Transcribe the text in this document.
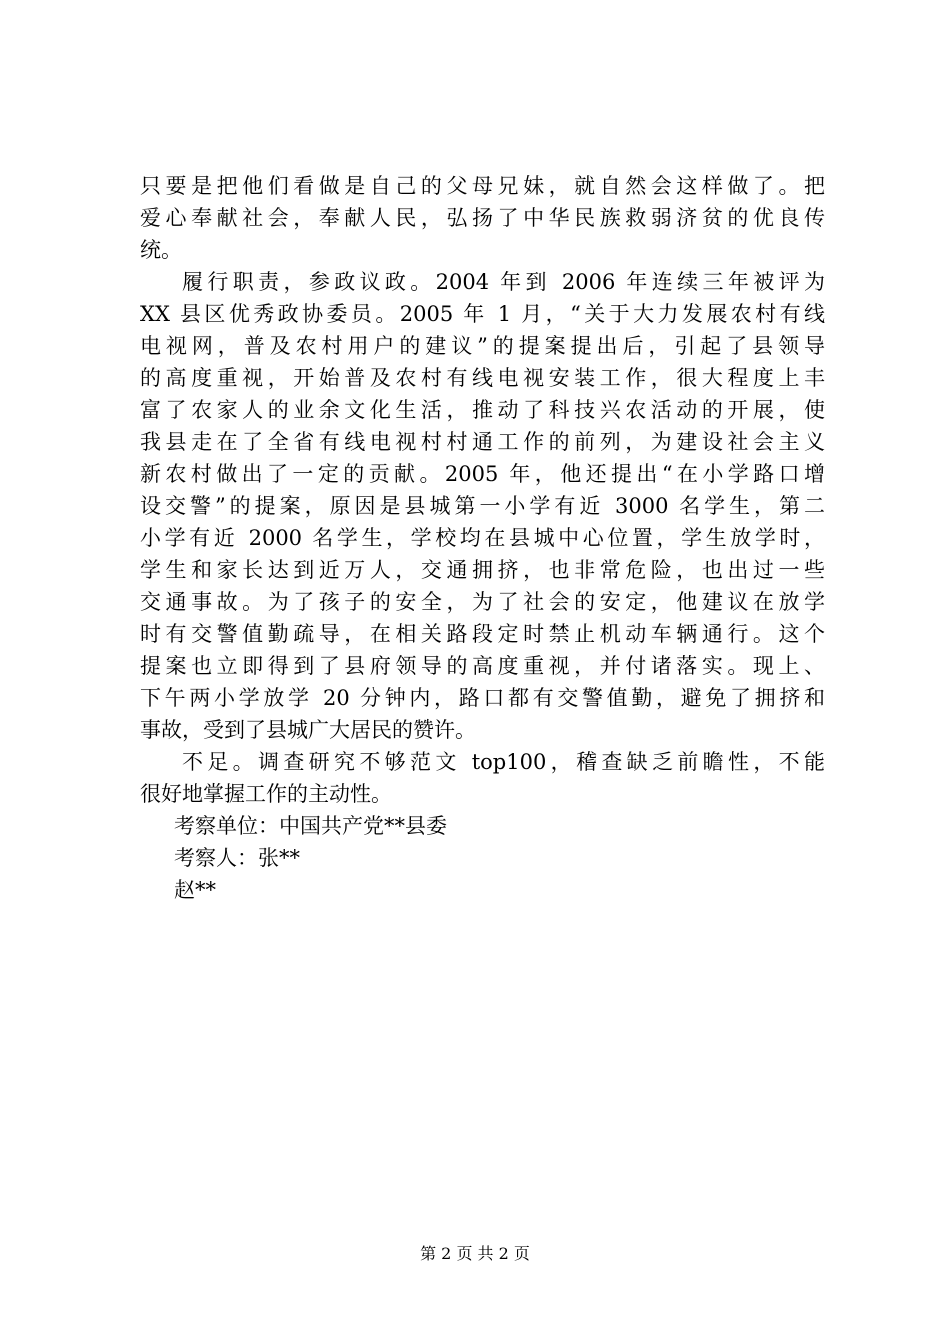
只要是把他们看做是自己的父母兄妹，就自然会这样做了。把
爱心奉献社会，奉献人民，弘扬了中华民族救弱济贫的优良传
统。
履行职责，参政议政。2004 年到 2006 年连续三年被评为
XX 县区优秀政协委员。2005 年 1 月，“关于大力发展农村有线
电视网，普及农村用户的建议”的提案提出后，引起了县领导
的高度重视，开始普及农村有线电视安装工作，很大程度上丰
富了农家人的业余文化生活，推动了科技兴农活动的开展，使
我县走在了全省有线电视村村通工作的前列，为建设社会主义
新农村做出了一定的贡献。2005 年，他还提出“在小学路口增
设交警”的提案，原因是县城第一小学有近 3000 名学生，第二
小学有近 2000 名学生，学校均在县城中心位置，学生放学时，
学生和家长达到近万人，交通拥挤，也非常危险，也出过一些
交通事故。为了孩子的安全，为了社会的安定，他建议在放学
时有交警值勤疏导，在相关路段定时禁止机动车辆通行。这个
提案也立即得到了县府领导的高度重视，并付诸落实。现上、
下午两小学放学 20 分钟内，路口都有交警值勤，避免了拥挤和
事故，受到了县城广大居民的赞许。
不足。调查研究不够范文 top100，稽查缺乏前瞻性，不能
很好地掌握工作的主动性。
考察单位：中国共产党**县委
考察人：张**
赵**
第 2 页 共 2 页
